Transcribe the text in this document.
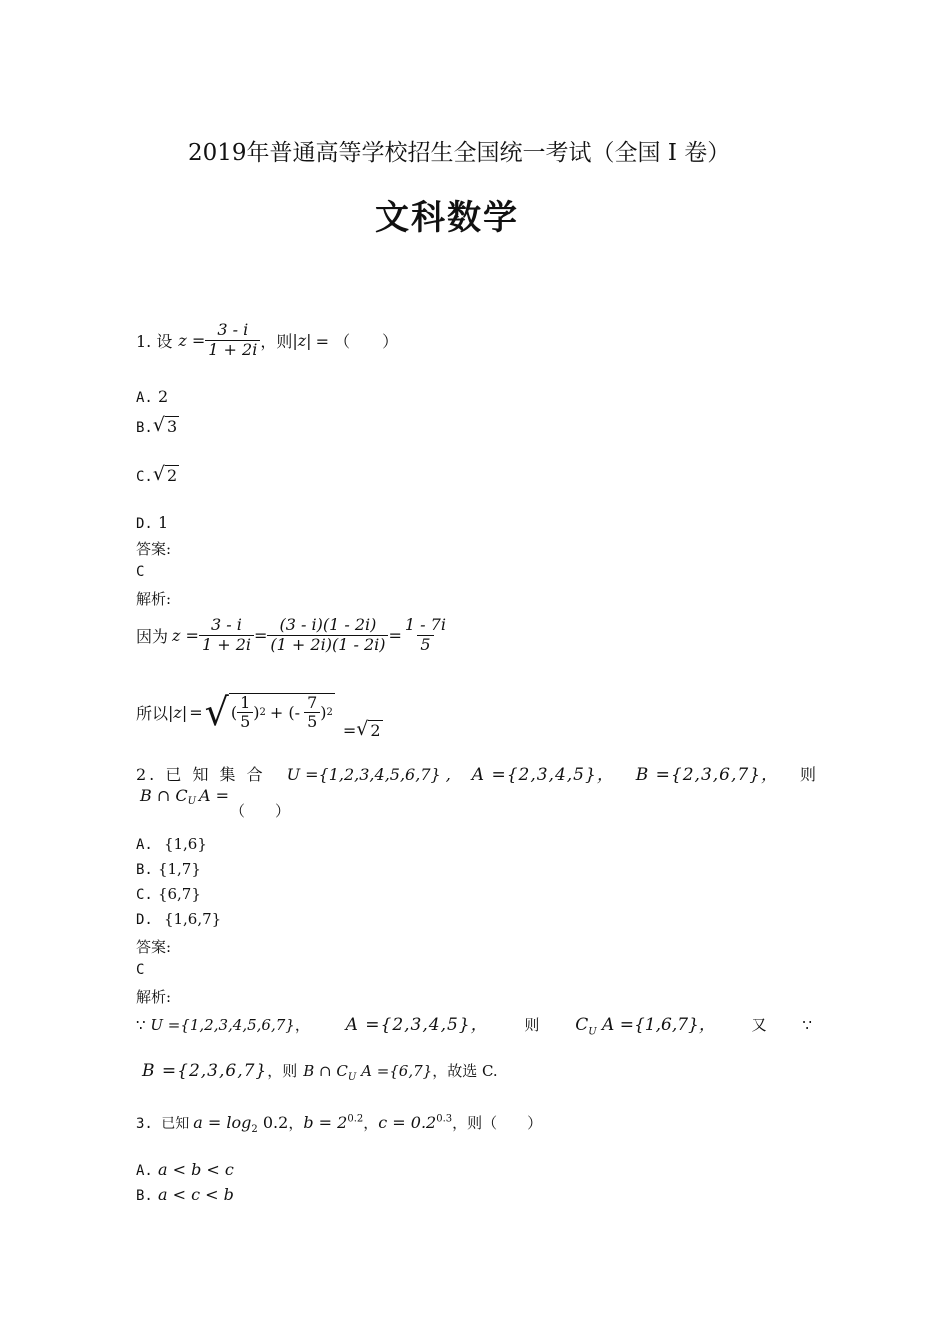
2019年普通高等学校招生全国统一考试（全国 I 卷）
文科数学
1. 设 $z = \frac{3 - i}{1 + 2i}$ ，则 |z| = （　　）
A. 2
B. √ 3
C. √ 2
D. 1
答案:
C
解析:
因为 $z = \frac{3 - i}{1 + 2i} = \frac{(3 - i)(1 - 2i)}{(1 + 2i)(1 - 2i)} = \frac{1 - 7i}{5}$
所以 |z| = √ ( $\frac{1}{5}$ ) 2 + (- $\frac{7}{5}$ ) 2
= √ 2
2. 已 知 集 合 U ={1,2,3,4,5,6,7} , A ={2,3,4,5}， B ={2,3,6,7}， 则
B ∩ $C_U$ A =
（　　）
A. {1,6}
B. {1,7}
C. {6,7}
D. {1,6,7}
答案:
C
解析:
∵ U ={1,2,3,4,5,6,7}， A ={2,3,4,5}， 则 $C_U$ A ={1,6,7}， 又 ∵
B ={2,3,6,7} ，则 B ∩ $C_U$ A ={6,7} ，故选 C.
3. 已知 $a = \log_2 0.2$ ， $b = 2^{0.2}$ ， $c = 0.2^{0.3}$ ，则（　　）
A. a < b < c
B. a < c < b
